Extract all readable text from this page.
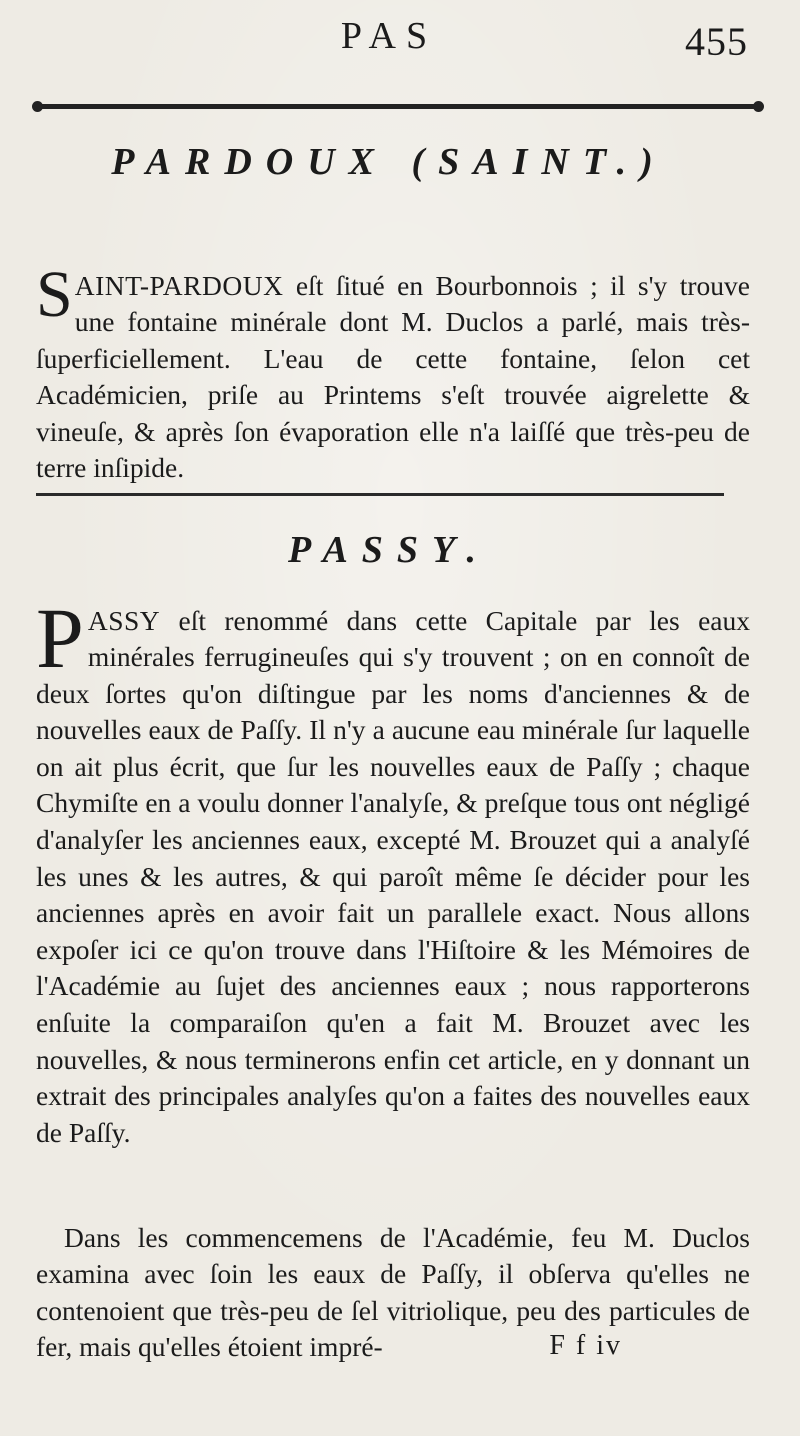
PAS	455
PARDOUX (SAINT.)

SAINT-PARDOUX eſt ſitué en Bourbonnois ; il s'y trouve une fontaine minérale dont M. Duclos a parlé, mais très-ſuperficiellement. L'eau de cette fontaine, ſelon cet Académicien, priſe au Printems s'eſt trouvée aigrelette & vineuſe, & après ſon évaporation elle n'a laiſſé que très-peu de terre inſipide.

PASSY.

PASSY eſt renommé dans cette Capitale par les eaux minérales ferrugineuſes qui s'y trouvent ; on en connoît de deux ſortes qu'on diſtingue par les noms d'anciennes & de nouvelles eaux de Paſſy. Il n'y a aucune eau minérale ſur laquelle on ait plus écrit, que ſur les nouvelles eaux de Paſſy ; chaque Chymiſte en a voulu donner l'analyſe, & preſque tous ont négligé d'analyſer les anciennes eaux, excepté M. Brouzet qui a analyſé les unes & les autres, & qui paroît même ſe décider pour les anciennes après en avoir fait un parallele exact. Nous allons expoſer ici ce qu'on trouve dans l'Hiſtoire & les Mémoires de l'Académie au ſujet des anciennes eaux ; nous rapporterons enſuite la comparaiſon qu'en a fait M. Brouzet avec les nouvelles, & nous terminerons enfin cet article, en y donnant un extrait des principales analyſes qu'on a faites des nouvelles eaux de Paſſy.

Dans les commencemens de l'Académie, feu M. Duclos examina avec ſoin les eaux de Paſſy, il obſerva qu'elles ne contenoient que très-peu de ſel vitriolique, peu des particules de fer, mais qu'elles étoient impré-	F f iv
